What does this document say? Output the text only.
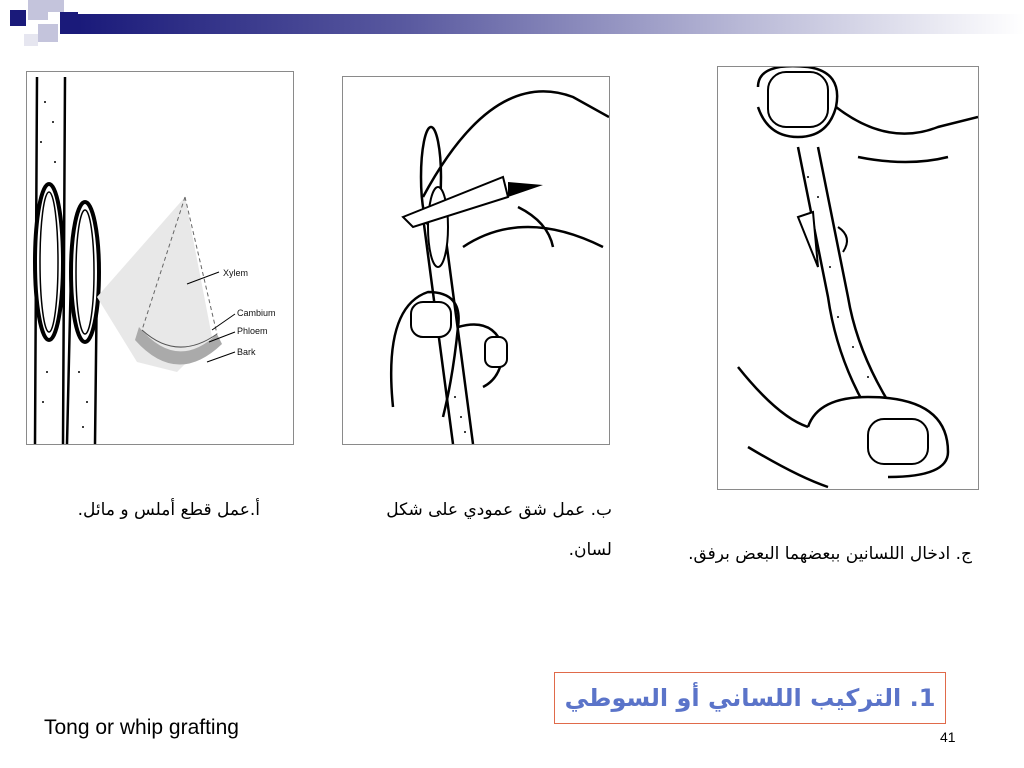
Xylem
Cambium
Phloem
Bark
أ.عمل قطع أملس و مائل.	ب. عمل شق عمودي على شكل لسان.	ج. ادخال اللسانين ببعضهما البعض برفق.
1. التركيب اللساني أو السوطي
Tong or whip grafting	41
